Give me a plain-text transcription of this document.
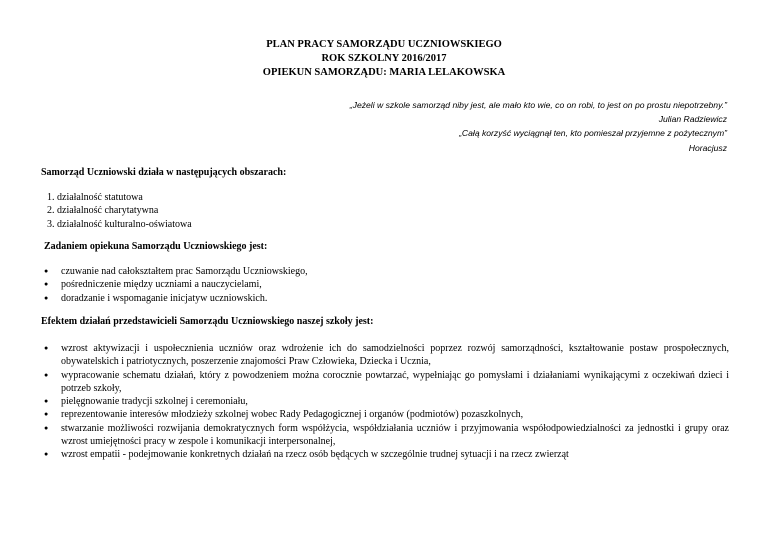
PLAN PRACY SAMORZĄDU UCZNIOWSKIEGO
ROK SZKOLNY 2016/2017
OPIEKUN SAMORZĄDU: MARIA LELAKOWSKA
„Jeżeli w szkole samorząd niby jest, ale mało kto wie, co on robi, to jest on po prostu niepotrzebny.”
Julian Radziewicz
„Całą korzyść wyciągnął ten, kto pomieszał przyjemne z pożytecznym”
Horacjusz
Samorząd Uczniowski działa w następujących obszarach:
1. działalność statutowa
2. działalność charytatywna
3. działalność kulturalno-oświatowa
Zadaniem opiekuna Samorządu Uczniowskiego jest:
● czuwanie nad całokształtem prac Samorządu Uczniowskiego,
● pośredniczenie między uczniami a nauczycielami,
● doradzanie i wspomaganie inicjatyw uczniowskich.
Efektem działań przedstawicieli Samorządu Uczniowskiego naszej szkoły jest:
● wzrost aktywizacji i uspołecznienia uczniów oraz wdrożenie ich do samodzielności poprzez rozwój samorządności, kształtowanie postaw prospołecznych, obywatelskich i patriotycznych, poszerzenie znajomości Praw Człowieka, Dziecka i Ucznia,
● wypracowanie schematu działań, który z powodzeniem można corocznie powtarzać, wypełniając go pomysłami i działaniami wynikającymi z oczekiwań dzieci i potrzeb szkoły,
● pielęgnowanie tradycji szkolnej i ceremoniału,
● reprezentowanie interesów młodzieży szkolnej wobec Rady Pedagogicznej i organów (podmiotów) pozaszkolnych,
● stwarzanie możliwości rozwijania demokratycznych form współżycia, współdziałania uczniów i przyjmowania współodpowiedzialności za jednostki i grupy oraz wzrost umiejętności pracy w zespole i komunikacji interpersonalnej,
● wzrost empatii - podejmowanie konkretnych działań na rzecz osób będących w szczególnie trudnej sytuacji i na rzecz zwierząt
